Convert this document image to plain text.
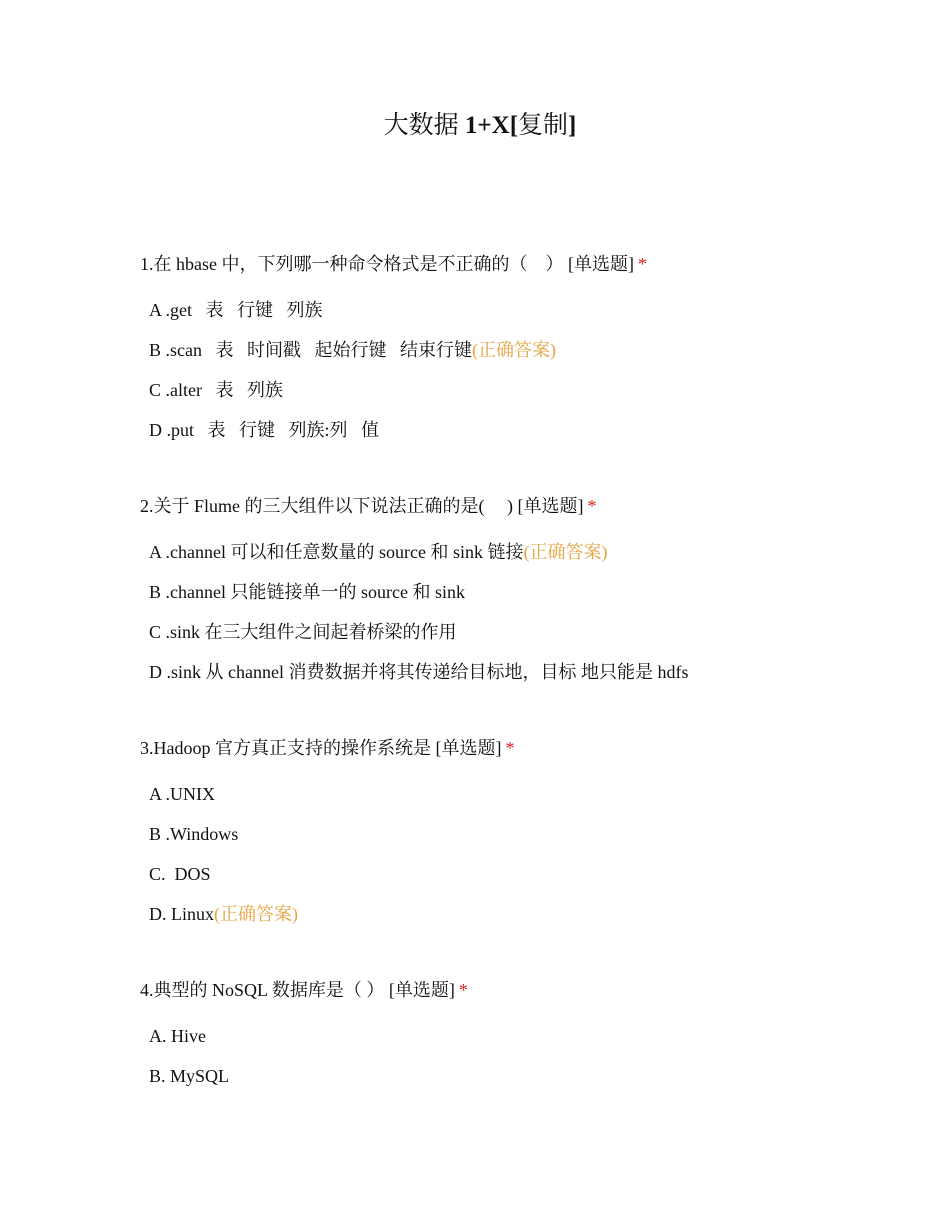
大数据 1+X[复制]

1.在 hbase 中，下列哪一种命令格式是不正确的（　） [单选题] *

A .get   表   行键   列族
B .scan   表   时间戳   起始行键   结束行键 (正确答案)
C .alter   表   列族
D .put   表   行键   列族:列   值

2.关于 Flume 的三大组件以下说法正确的是(　 ) [单选题] *

A .channel 可以和任意数量的 source 和 sink 链接 (正确答案)
B .channel 只能链接单一的 source 和 sink
C .sink 在三大组件之间起着桥梁的作用
D .sink 从 channel 消费数据并将其传递给目标地，目标 地只能是 hdfs

3.Hadoop 官方真正支持的操作系统是 [单选题] *

A .UNIX
B .Windows
C.  DOS
D. Linux (正确答案)

4.典型的 NoSQL 数据库是（ ） [单选题] *

A. Hive
B. MySQL
